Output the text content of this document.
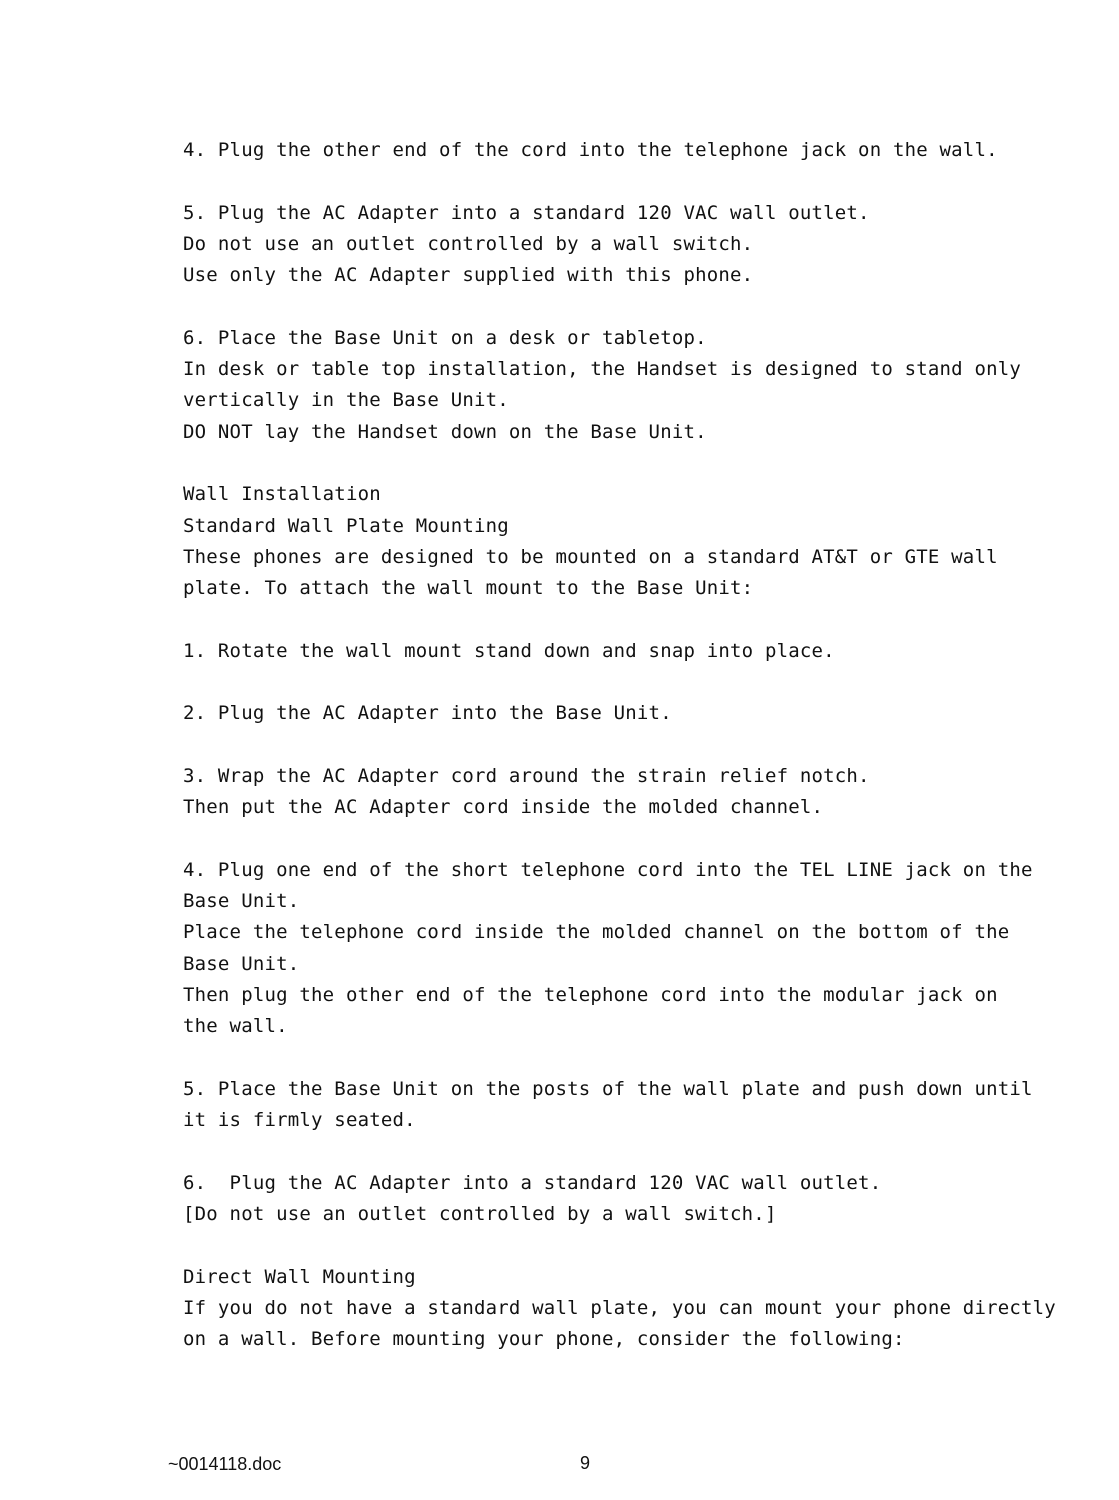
4. Plug the other end of the cord into the telephone jack on the wall.

5. Plug the AC Adapter into a standard 120 VAC wall outlet.
Do not use an outlet controlled by a wall switch.
Use only the AC Adapter supplied with this phone.

6. Place the Base Unit on a desk or tabletop.
In desk or table top installation, the Handset is designed to stand only
vertically in the Base Unit.
DO NOT lay the Handset down on the Base Unit.

Wall Installation
Standard Wall Plate Mounting
These phones are designed to be mounted on a standard AT&T or GTE wall
plate. To attach the wall mount to the Base Unit:

1. Rotate the wall mount stand down and snap into place.

2. Plug the AC Adapter into the Base Unit.

3. Wrap the AC Adapter cord around the strain relief notch.
Then put the AC Adapter cord inside the molded channel.

4. Plug one end of the short telephone cord into the TEL LINE jack on the
Base Unit.
Place the telephone cord inside the molded channel on the bottom of the
Base Unit.
Then plug the other end of the telephone cord into the modular jack on
the wall.

5. Place the Base Unit on the posts of the wall plate and push down until
it is firmly seated.

6.  Plug the AC Adapter into a standard 120 VAC wall outlet.
[Do not use an outlet controlled by a wall switch.]

Direct Wall Mounting
If you do not have a standard wall plate, you can mount your phone directly
on a wall. Before mounting your phone, consider the following:

~0014118.doc	9
